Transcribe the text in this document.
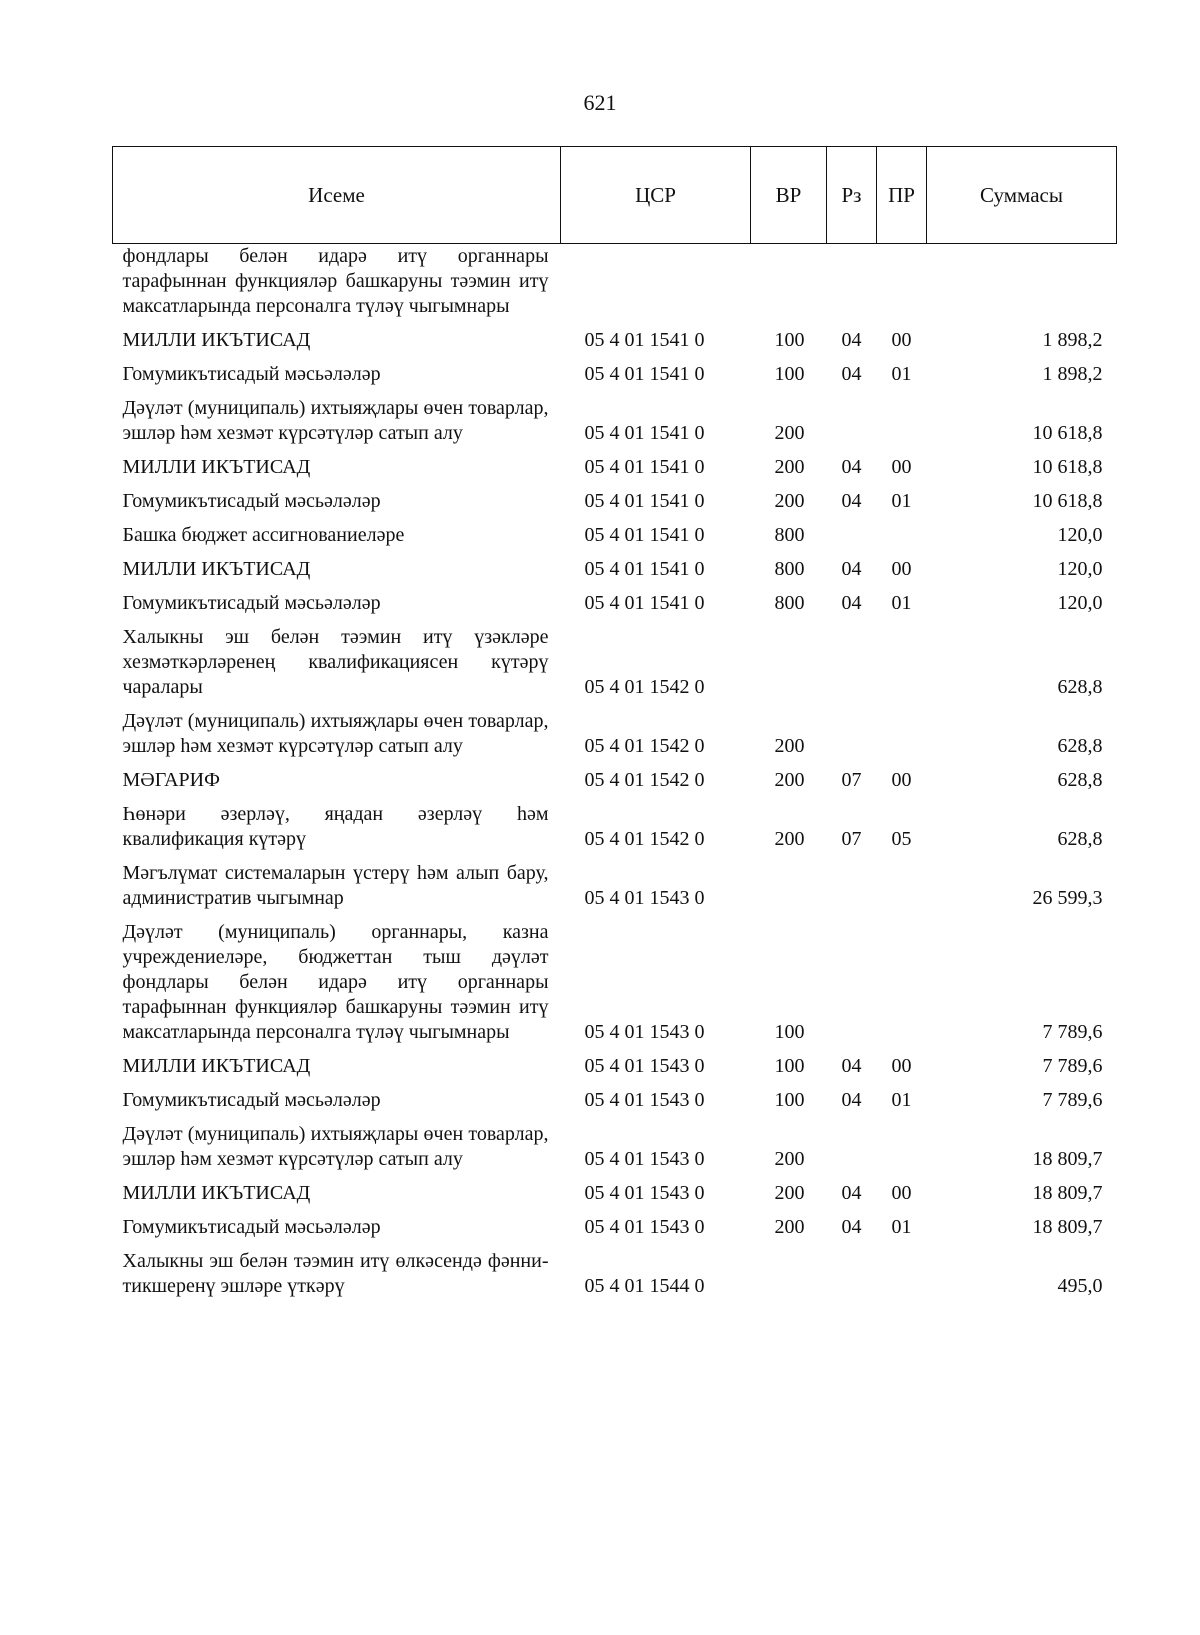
621
Исеме	ЦСР	ВР	Рз	ПР	Суммасы
фондлары белән идарә итү органнары тарафыннан функцияләр башкаруны тәэмин итү максатларында персоналга түләү чыгымнары					
МИЛЛИ ИКЪТИСАД	05 4 01 1541 0	100	04	00	1 898,2
Гомумикътисадый мәсьәләләр	05 4 01 1541 0	100	04	01	1 898,2
Дәүләт (муниципаль) ихтыяҗлары өчен товарлар, эшләр һәм хезмәт күрсәтүләр сатып алу	05 4 01 1541 0	200			10 618,8
МИЛЛИ ИКЪТИСАД	05 4 01 1541 0	200	04	00	10 618,8
Гомумикътисадый мәсьәләләр	05 4 01 1541 0	200	04	01	10 618,8
Башка бюджет ассигнованиеләре	05 4 01 1541 0	800			120,0
МИЛЛИ ИКЪТИСАД	05 4 01 1541 0	800	04	00	120,0
Гомумикътисадый мәсьәләләр	05 4 01 1541 0	800	04	01	120,0
Халыкны эш белән тәэмин итү үзәкләре хезмәткәрләренең квалификациясен күтәрү чаралары	05 4 01 1542 0				628,8
Дәүләт (муниципаль) ихтыяҗлары өчен товарлар, эшләр һәм хезмәт күрсәтүләр сатып алу	05 4 01 1542 0	200			628,8
МӘГАРИФ	05 4 01 1542 0	200	07	00	628,8
Һөнәри әзерләү, яңадан әзерләү һәм квалификация күтәрү	05 4 01 1542 0	200	07	05	628,8
Мәгълүмат системаларын үстерү һәм алып бару, административ чыгымнар	05 4 01 1543 0				26 599,3
Дәүләт (муниципаль) органнары, казна учреждениеләре, бюджеттан тыш дәүләт фондлары белән идарә итү органнары тарафыннан функцияләр башкаруны тәэмин итү максатларында персоналга түләү чыгымнары	05 4 01 1543 0	100			7 789,6
МИЛЛИ ИКЪТИСАД	05 4 01 1543 0	100	04	00	7 789,6
Гомумикътисадый мәсьәләләр	05 4 01 1543 0	100	04	01	7 789,6
Дәүләт (муниципаль) ихтыяҗлары өчен товарлар, эшләр һәм хезмәт күрсәтүләр сатып алу	05 4 01 1543 0	200			18 809,7
МИЛЛИ ИКЪТИСАД	05 4 01 1543 0	200	04	00	18 809,7
Гомумикътисадый мәсьәләләр	05 4 01 1543 0	200	04	01	18 809,7
Халыкны эш белән тәэмин итү өлкәсендә фәнни-тикшеренү эшләре үткәрү	05 4 01 1544 0				495,0
